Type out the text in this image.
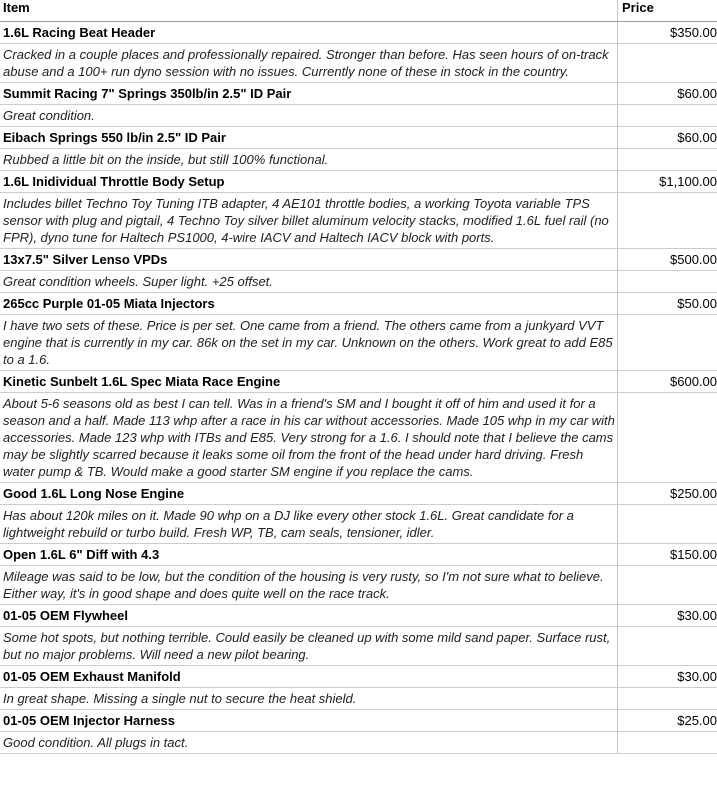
Item	Price
1.6L Racing Beat Header	$350.00
Cracked in a couple places and professionally repaired. Stronger than before. Has seen hours of on-track abuse and a 100+ run dyno session with no issues. Currently none of these in stock in the country.	
Summit Racing 7" Springs 350lb/in 2.5" ID Pair	$60.00
Great condition.	
Eibach Springs 550 lb/in 2.5" ID Pair	$60.00
Rubbed a little bit on the inside, but still 100% functional.	
1.6L Inidividual Throttle Body Setup	$1,100.00
Includes billet Techno Toy Tuning ITB adapter, 4 AE101 throttle bodies, a working Toyota variable TPS sensor with plug and pigtail, 4 Techno Toy silver billet aluminum velocity stacks, modified 1.6L fuel rail (no FPR), dyno tune for Haltech PS1000, 4-wire IACV and Haltech IACV block with ports.	
13x7.5" Silver Lenso VPDs	$500.00
Great condition wheels. Super light. +25 offset.	
265cc Purple 01-05 Miata Injectors	$50.00
I have two sets of these. Price is per set. One came from a friend. The others came from a junkyard VVT engine that is currently in my car. 86k on the set in my car. Unknown on the others. Work great to add E85 to a 1.6.	
Kinetic Sunbelt 1.6L Spec Miata Race Engine	$600.00
About 5-6 seasons old as best I can tell. Was in a friend's SM and I bought it off of him and used it for a season and a half. Made 113 whp after a race in his car without accessories. Made 105 whp in my car with accessories. Made 123 whp with ITBs and E85. Very strong for a 1.6. I should note that I believe the cams may be slightly scarred because it leaks some oil from the front of the head under hard driving. Fresh water pump & TB. Would make a good starter SM engine if you replace the cams.	
Good 1.6L Long Nose Engine	$250.00
Has about 120k miles on it. Made 90 whp on a DJ like every other stock 1.6L. Great candidate for a lightweight rebuild or turbo build. Fresh WP, TB, cam seals, tensioner, idler.	
Open 1.6L 6" Diff with 4.3	$150.00
Mileage was said to be low, but the condition of the housing is very rusty, so I'm not sure what to believe. Either way, it's in good shape and does quite well on the race track.	
01-05 OEM Flywheel	$30.00
Some hot spots, but nothing terrible. Could easily be cleaned up with some mild sand paper. Surface rust, but no major problems. Will need a new pilot bearing.	
01-05 OEM Exhaust Manifold	$30.00
In great shape. Missing a single nut to secure the heat shield.	
01-05 OEM Injector Harness	$25.00
Good condition. All plugs in tact.	
